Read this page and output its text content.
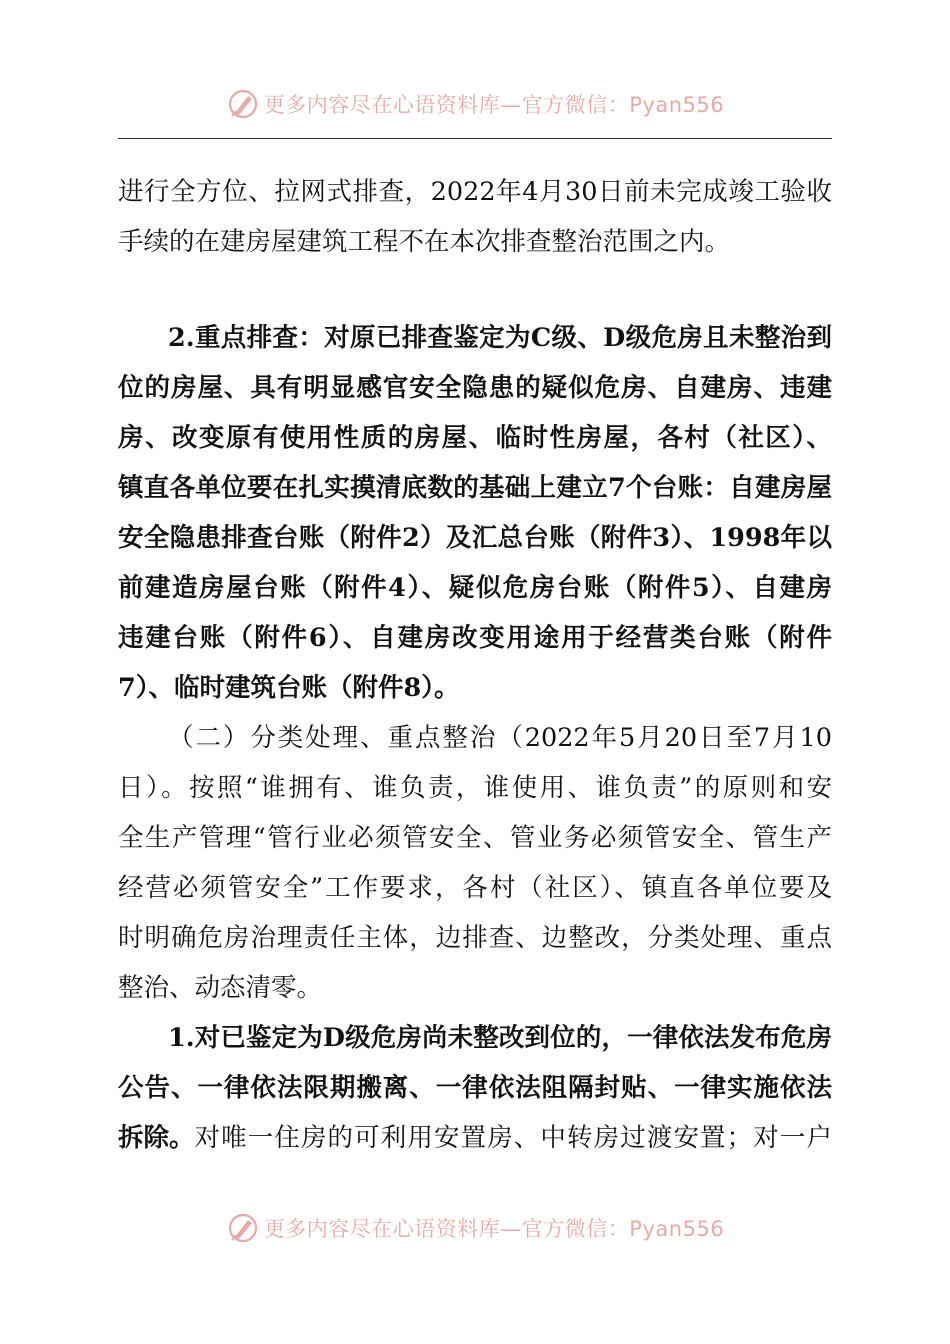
更多内容尽在心语资料库—官方微信：Pyan556
进行全方位、拉网式排查，2022年4月30日前未完成竣工验收
手续的在建房屋建筑工程不在本次排查整治范围之内。
2.重点排查：对原已排查鉴定为C级、D级危房且未整治到
位的房屋、具有明显感官安全隐患的疑似危房、自建房、违建
房、改变原有使用性质的房屋、临时性房屋，各村（社区）、
镇直各单位要在扎实摸清底数的基础上建立7个台账：自建房屋
安全隐患排查台账（附件2）及汇总台账（附件3）、1998年以
前建造房屋台账（附件4）、疑似危房台账（附件5）、自建房
违建台账（附件6）、自建房改变用途用于经营类台账（附件
7）、临时建筑台账（附件8）。
（二）分类处理、重点整治（2022年5月20日至7月10
日）。按照“谁拥有、谁负责，谁使用、谁负责”的原则和安
全生产管理“管行业必须管安全、管业务必须管安全、管生产
经营必须管安全”工作要求，各村（社区）、镇直各单位要及
时明确危房治理责任主体，边排查、边整改，分类处理、重点
整治、动态清零。
1.对已鉴定为D级危房尚未整改到位的，一律依法发布危房
公告、一律依法限期搬离、一律依法阻隔封贴、一律实施依法
拆除。 对唯一住房的可利用安置房、中转房过渡安置；对一户
更多内容尽在心语资料库—官方微信：Pyan556
